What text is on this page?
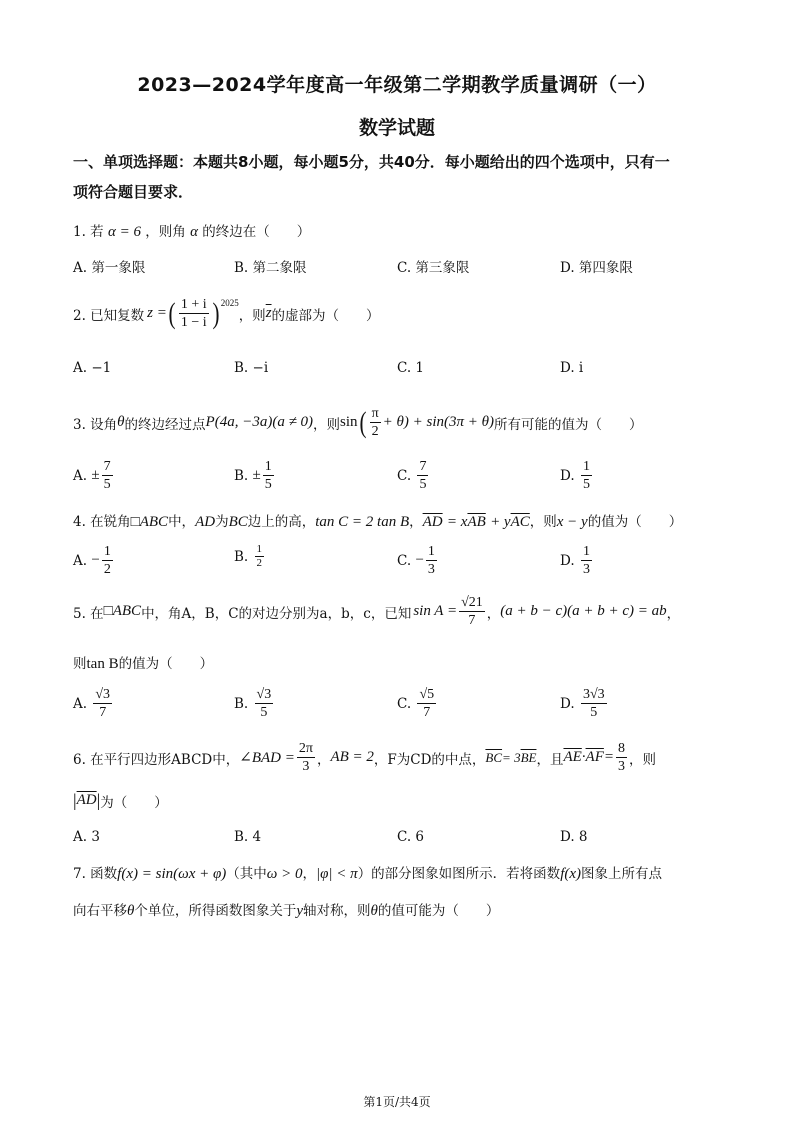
2023—2024学年度高一年级第二学期教学质量调研（一）
数学试题
一、单项选择题：本题共8小题，每小题5分，共40分．每小题给出的四个选项中，只有一
项符合题目要求．
1. 若 α = 6 ，则角 α 的终边在（　　）
A. 第一象限	B. 第二象限	C. 第三象限	D. 第四象限
2. 已知复数 z = ( $\frac{1 + i}{1 - i}$ ) 2025
，则 $\overline{z}$ 的虚部为（　　）
A. −1	B. −i	C. 1	D. i
3. 设角 θ 的终边经过点 P(4a, −3a)(a ≠ 0) ，则 sin ( $\frac{\pi}{2} + \theta) + \sin(3\pi + \theta)$ 所有可能的值为（　　）
A.
± $\frac{7}{5}$	B.
± $\frac{1}{5}$	C.
$\frac{7}{5}$	D.
$\frac{1}{5}$
4. 在锐角□ABC中，AD为BC边上的高，tan C = 2 tan B，$\overline{AD} = x\overline{AB} + y\overline{AC}$，则x − y的值为（　　）
A.
− $\frac{1}{2}$	B.
$\frac{1}{2}$	C.
− $\frac{1}{3}$	D.
$\frac{1}{3}$
5. 在 □ABC 中，角A，B，C的对边分别为a，b，c，已知 $\sin A = \frac{√21}{7}$ ， (a + b − c)(a + b + c) = ab ，
则tan B的值为（　　）
A.
$\frac{√3}{7}$	B.
$\frac{√3}{5}$	C.
$\frac{√5}{7}$	D.
$\frac{3√3}{5}$
6. 在平行四边形ABCD中， ∠BAD = $\frac{2\pi}{3}$ ， AB = 2 ，F为CD的中点， $\overline{BC} = 3$ $\overline{BE}$ ，且 $\overline{AE} \cdot \overline{AF} = \frac{8}{3}$ ，则
| $\overline{AD}$ | 为（　　）
A. 3	B. 4	C. 6	D. 8
7. 函数f(x) = sin(ωx + φ)（其中ω > 0，|φ| < π）的部分图象如图所示．若将函数f(x)图象上所有点
向右平移θ个单位，所得函数图象关于y轴对称，则θ的值可能为（　　）
第1页/共4页
